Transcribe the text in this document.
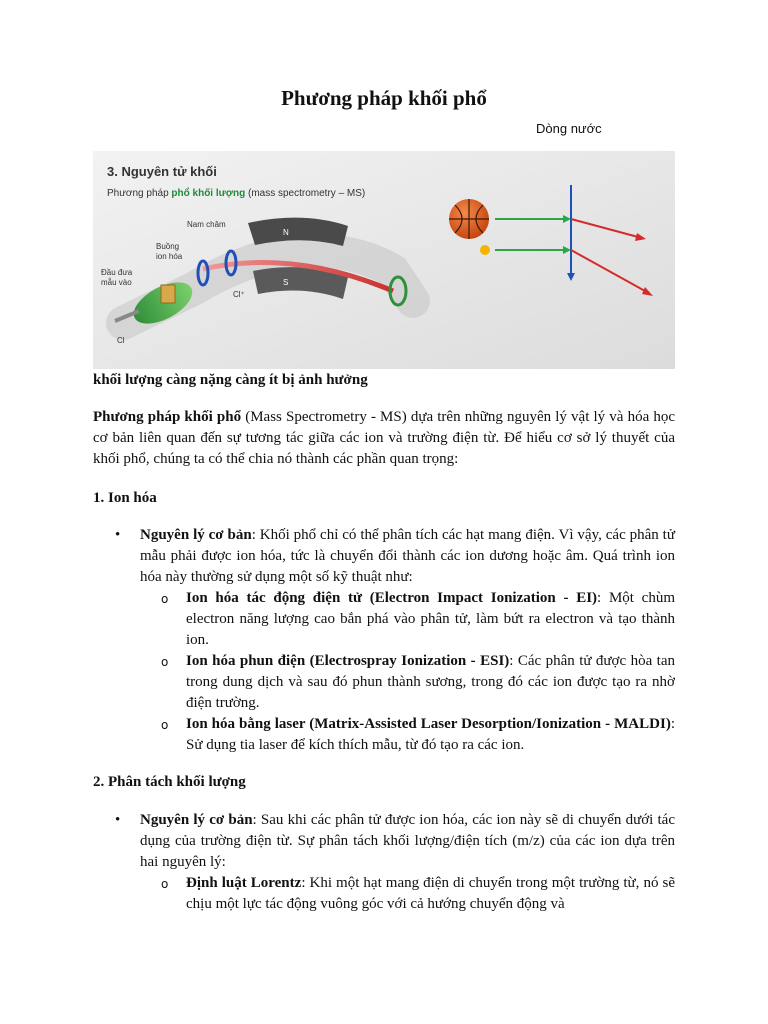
Phương pháp khối phổ
Dòng nước
3. Nguyên tử khối
Phương pháp phổ khối lượng (mass spectrometry – MS)
N
S
Nam châm
Buồng
ion hóa
Đầu đưa
mẫu vào
Cl⁺
Cl
khối lượng càng nặng càng ít bị ảnh hưởng
Phương pháp khối phổ (Mass Spectrometry - MS) dựa trên những nguyên lý vật lý và hóa học cơ bản liên quan đến sự tương tác giữa các ion và trường điện từ. Để hiểu cơ sở lý thuyết của khối phổ, chúng ta có thể chia nó thành các phần quan trọng:
1. Ion hóa
• Nguyên lý cơ bản: Khối phổ chỉ có thể phân tích các hạt mang điện. Vì vậy, các phân tử mẫu phải được ion hóa, tức là chuyển đổi thành các ion dương hoặc âm. Quá trình ion hóa này thường sử dụng một số kỹ thuật như:
o Ion hóa tác động điện tử (Electron Impact Ionization - EI): Một chùm electron năng lượng cao bắn phá vào phân tử, làm bứt ra electron và tạo thành ion.
o Ion hóa phun điện (Electrospray Ionization - ESI): Các phân tử được hòa tan trong dung dịch và sau đó phun thành sương, trong đó các ion được tạo ra nhờ điện trường.
o Ion hóa bằng laser (Matrix-Assisted Laser Desorption/Ionization - MALDI): Sử dụng tia laser để kích thích mẫu, từ đó tạo ra các ion.
2. Phân tách khối lượng
• Nguyên lý cơ bản: Sau khi các phân tử được ion hóa, các ion này sẽ di chuyển dưới tác dụng của trường điện từ. Sự phân tách khối lượng/điện tích (m/z) của các ion dựa trên hai nguyên lý:
o Định luật Lorentz: Khi một hạt mang điện di chuyển trong một trường từ, nó sẽ chịu một lực tác động vuông góc với cả hướng chuyển động và
